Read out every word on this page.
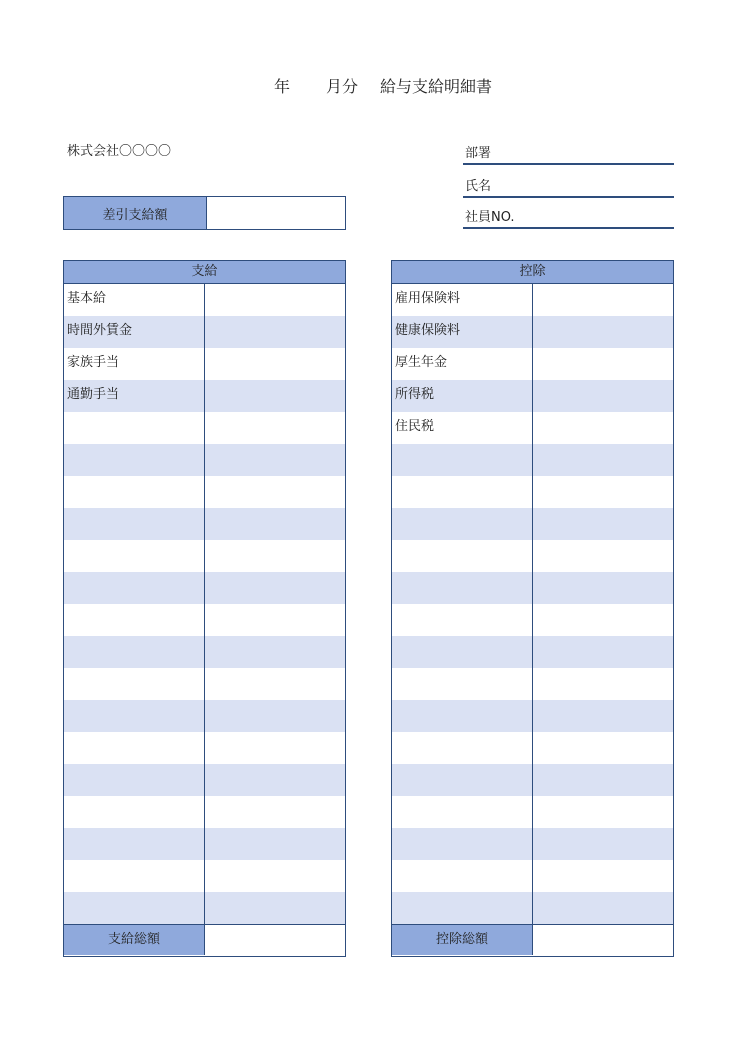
年 月分 給与支給明細書
株式会社〇〇〇〇	部署
氏名
社員NO.
差引支給額
支給
基本給
時間外賃金
家族手当
通勤手当
支給総額
控除
雇用保険料
健康保険料
厚生年金
所得税
住民税
控除総額
